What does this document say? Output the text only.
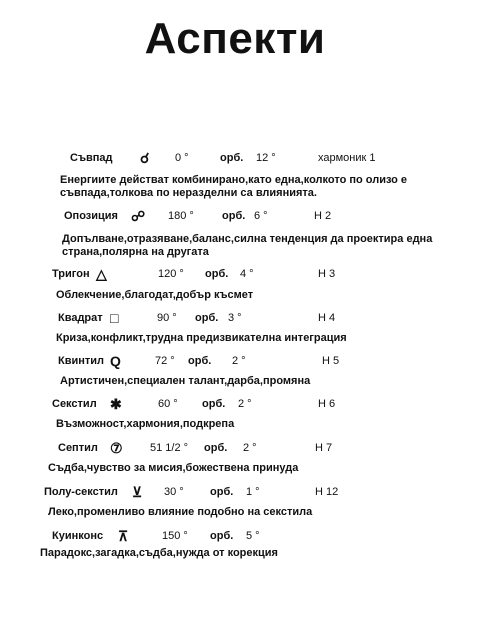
Аспекти
Съвпад ☌ 0 °	орб. 12 °	хармоник 1
Енергиите действат комбинирано,като една,колкото по олизо е
съвпада,толкова по неразделни са влиянията.
Опозиция ☍ 180 °	орб. 6 °	Н 2
Допълване,отразяване,баланс,силна тенденция да проектира една
страна,полярна на другата
Тригон △	120 ° орб. 4 °	Н 3
Облекчение,благодат,добър късмет
Квадрат □	90 ° орб. 3 °	Н 4
Криза,конфликт,трудна предизвикателна интеграция
Квинтил Q	72 ° орб. 2 °	Н 5
Артистичен,специален талант,дарба,промяна
Секстил ✱	60 ° орб. 2 °	Н 6
Възможност,хармония,подкрепа
Септил ⑦ 51 1/2 ° орб. 2 °	Н 7
Съдба,чувство за мисия,божествена принуда
Полу-секстил ⊻ 30 ° орб. 1 °	Н 12
Леко,променливо влияние подобно на секстила
Куинконс ⊼	150 ° орб. 5 °
Парадокс,загадка,съдба,нужда от корекция
